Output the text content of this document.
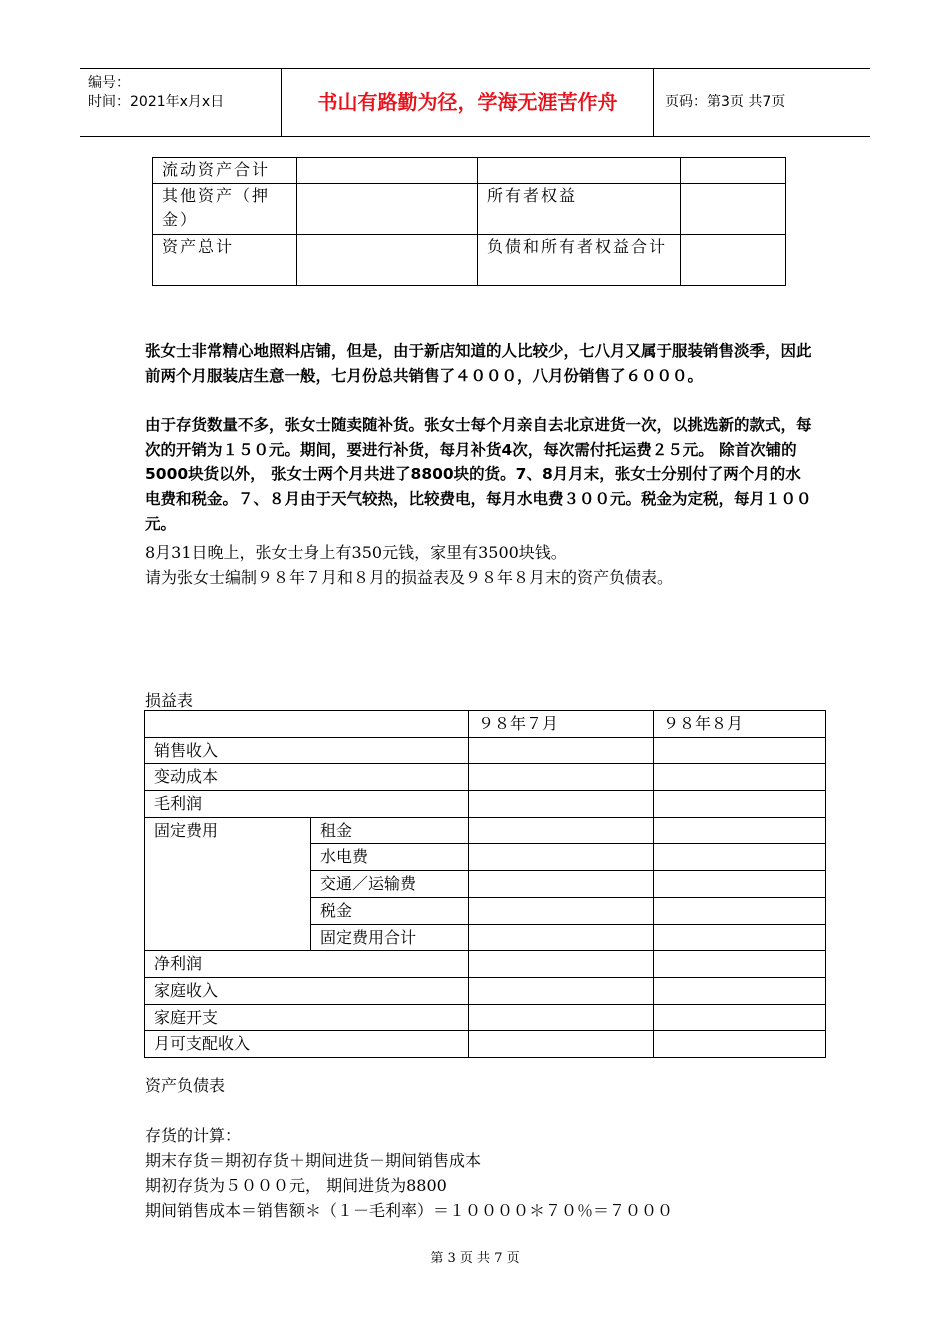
编号：
时间：2021年x月x日	书山有路勤为径，学海无涯苦作舟	页码：第3页 共7页
流动资产合计			
其他资产（押金）		所有者权益	
资产总计		负债和所有者权益合计	
张女士非常精心地照料店铺，但是，由于新店知道的人比较少，七八月又属于服装销售淡季，因此前两个月服装店生意一般，七月份总共销售了４０００，八月份销售了６０００。
由于存货数量不多，张女士随卖随补货。张女士每个月亲自去北京进货一次，以挑选新的款式，每次的开销为１５０元。期间，要进行补货，每月补货4次，每次需付托运费２５元。 除首次铺的5000块货以外， 张女士两个月共进了8800块的货。7、8月月末，张女士分别付了两个月的水电费和税金。７、８月由于天气较热，比较费电，每月水电费３００元。税金为定税，每月１００元。
8月31日晚上，张女士身上有350元钱，家里有3500块钱。
请为张女士编制９８年７月和８月的损益表及９８年８月末的资产负债表。
损益表
		９８年７月	９８年８月
销售收入			
变动成本			
毛利润			
固定费用	租金		
	水电费		
	交通／运输费		
	税金		
	固定费用合计		
净利润			
家庭收入			
家庭开支			
月可支配收入			
资产负债表
存货的计算：
期末存货＝期初存货＋期间进货－期间销售成本
期初存货为５０００元， 期间进货为8800
期间销售成本＝销售额＊（１－毛利率）＝１００００＊７０％＝７０００
第 3 页 共 7 页
